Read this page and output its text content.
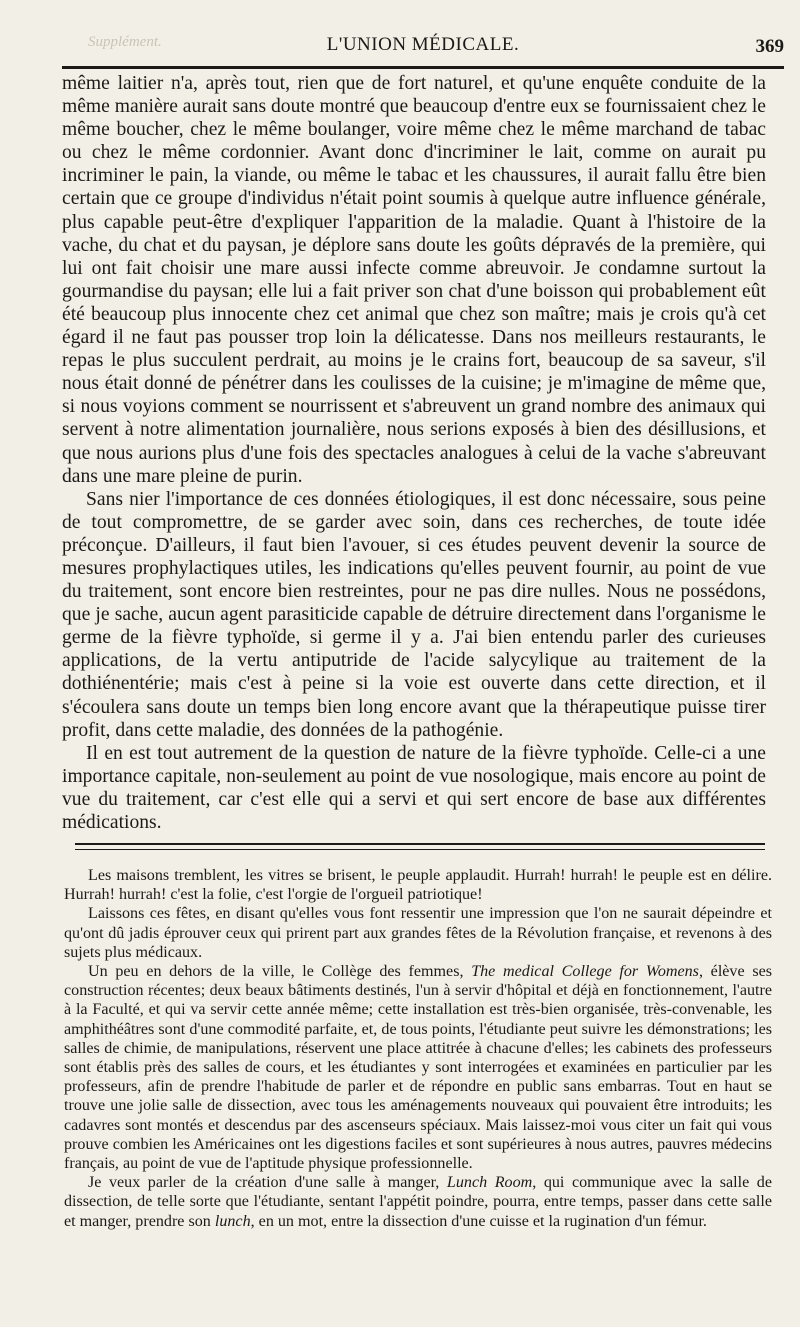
Supplément.	L'UNION MÉDICALE.	369

même laitier n'a, après tout, rien que de fort naturel, et qu'une enquête conduite de la même manière aurait sans doute montré que beaucoup d'entre eux se fournissaient chez le même boucher, chez le même boulanger, voire même chez le même marchand de tabac ou chez le même cordonnier. Avant donc d'incriminer le lait, comme on aurait pu incriminer le pain, la viande, ou même le tabac et les chaussures, il aurait fallu être bien certain que ce groupe d'individus n'était point soumis à quelque autre influence générale, plus capable peut-être d'expliquer l'apparition de la maladie. Quant à l'histoire de la vache, du chat et du paysan, je déplore sans doute les goûts dépravés de la première, qui lui ont fait choisir une mare aussi infecte comme abreuvoir. Je condamne surtout la gourmandise du paysan; elle lui a fait priver son chat d'une boisson qui probablement eût été beaucoup plus innocente chez cet animal que chez son maître; mais je crois qu'à cet égard il ne faut pas pousser trop loin la délicatesse. Dans nos meilleurs restaurants, le repas le plus succulent perdrait, au moins je le crains fort, beaucoup de sa saveur, s'il nous était donné de pénétrer dans les coulisses de la cuisine; je m'imagine de même que, si nous voyions comment se nourrissent et s'abreuvent un grand nombre des animaux qui servent à notre alimentation journalière, nous serions exposés à bien des désillusions, et que nous aurions plus d'une fois des spectacles analogues à celui de la vache s'abreuvant dans une mare pleine de purin.

Sans nier l'importance de ces données étiologiques, il est donc nécessaire, sous peine de tout compromettre, de se garder avec soin, dans ces recherches, de toute idée préconçue. D'ailleurs, il faut bien l'avouer, si ces études peuvent devenir la source de mesures prophylactiques utiles, les indications qu'elles peuvent fournir, au point de vue du traitement, sont encore bien restreintes, pour ne pas dire nulles. Nous ne possédons, que je sache, aucun agent parasiticide capable de détruire directement dans l'organisme le germe de la fièvre typhoïde, si germe il y a. J'ai bien entendu parler des curieuses applications, de la vertu antiputride de l'acide salycylique au traitement de la dothiénentérie; mais c'est à peine si la voie est ouverte dans cette direction, et il s'écoulera sans doute un temps bien long encore avant que la thérapeutique puisse tirer profit, dans cette maladie, des données de la pathogénie.

Il en est tout autrement de la question de nature de la fièvre typhoïde. Celle-ci a une importance capitale, non-seulement au point de vue nosologique, mais encore au point de vue du traitement, car c'est elle qui a servi et qui sert encore de base aux différentes médications.

Les maisons tremblent, les vitres se brisent, le peuple applaudit. Hurrah! hurrah! le peuple est en délire. Hurrah! hurrah! c'est la folie, c'est l'orgie de l'orgueil patriotique!

Laissons ces fêtes, en disant qu'elles vous font ressentir une impression que l'on ne saurait dépeindre et qu'ont dû jadis éprouver ceux qui prirent part aux grandes fêtes de la Révolution française, et revenons à des sujets plus médicaux.

Un peu en dehors de la ville, le Collège des femmes, The medical College for Womens, élève ses construction récentes; deux beaux bâtiments destinés, l'un à servir d'hôpital et déjà en fonctionnement, l'autre à la Faculté, et qui va servir cette année même; cette installation est très-bien organisée, très-convenable, les amphithéâtres sont d'une commodité parfaite, et, de tous points, l'étudiante peut suivre les démonstrations; les salles de chimie, de manipulations, réservent une place attitrée à chacune d'elles; les cabinets des professeurs sont établis près des salles de cours, et les étudiantes y sont interrogées et examinées en particulier par les professeurs, afin de prendre l'habitude de parler et de répondre en public sans embarras. Tout en haut se trouve une jolie salle de dissection, avec tous les aménagements nouveaux qui pouvaient être introduits; les cadavres sont montés et descendus par des ascenseurs spéciaux. Mais laissez-moi vous citer un fait qui vous prouve combien les Américaines ont les digestions faciles et sont supérieures à nous autres, pauvres médecins français, au point de vue de l'aptitude physique professionnelle.

Je veux parler de la création d'une salle à manger, Lunch Room, qui communique avec la salle de dissection, de telle sorte que l'étudiante, sentant l'appétit poindre, pourra, entre temps, passer dans cette salle et manger, prendre son lunch, en un mot, entre la dissection d'une cuisse et la rugination d'un fémur.
